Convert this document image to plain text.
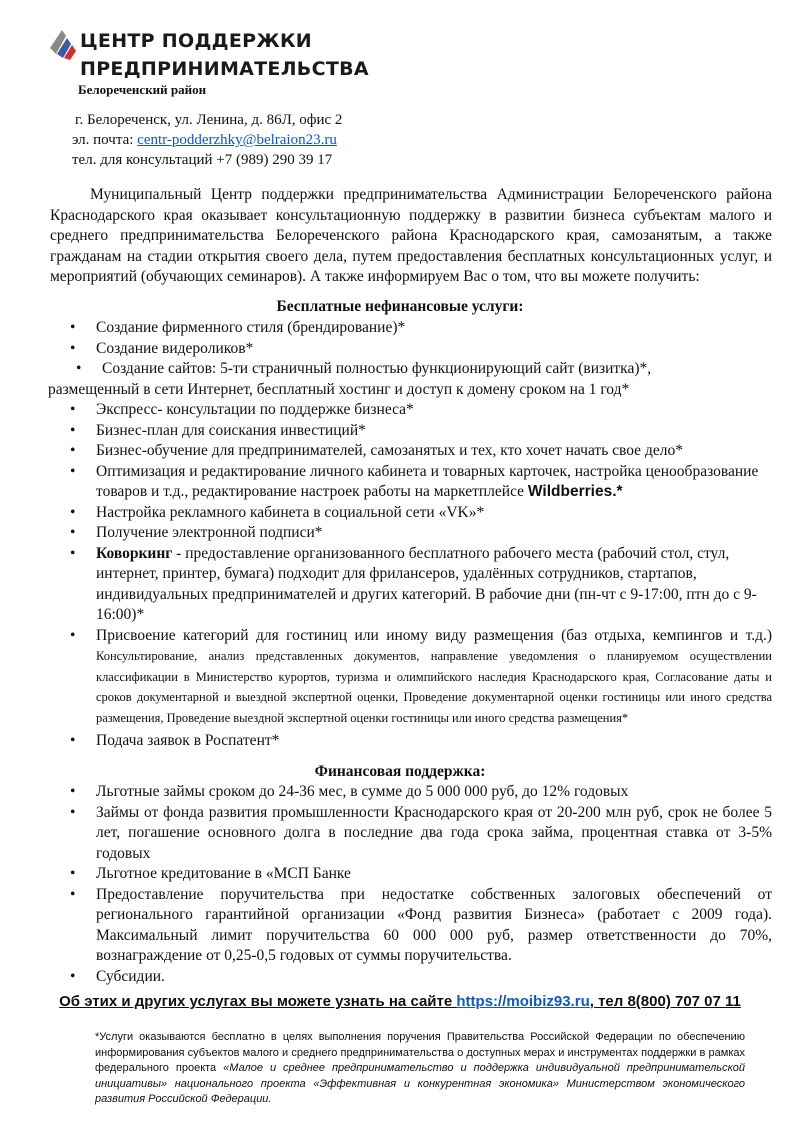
ЦЕНТР ПОДДЕРЖКИ
ПРЕДПРИНИМАТЕЛЬСТВА
Белореченский район
г. Белореченск, ул. Ленина, д. 86Л, офис 2
эл. почта: centr-podderzhky@belraion23.ru
тел. для консультаций +7 (989) 290 39 17
Муниципальный Центр поддержки предпринимательства Администрации Белореченского района Краснодарского края оказывает консультационную поддержку в развитии бизнеса субъектам малого и среднего предпринимательства Белореченского района Краснодарского края, самозанятым, а также гражданам на стадии открытия своего дела, путем предоставления бесплатных консультационных услуг, и мероприятий (обучающих семинаров). А также информируем Вас о том, что вы можете получить:
Бесплатные нефинансовые услуги:
• Создание фирменного стиля (брендирование)*
• Создание видероликов*
• Создание сайтов: 5-ти страничный полностью функционирующий сайт (визитка)*,
размещенный в сети Интернет, бесплатный хостинг и доступ к домену сроком на 1 год*
• Экспресс- консультации по поддержке бизнеса*
• Бизнес-план для соискания инвестиций*
• Бизнес-обучение для предпринимателей, самозанятых и тех, кто хочет начать свое дело*
• Оптимизация и редактирование личного кабинета и товарных карточек, настройка ценообразование товаров и т.д., редактирование настроек работы на маркетплейсе Wildberries.*
• Настройка рекламного кабинета в социальной сети «VK»*
• Получение электронной подписи*
• Коворкинг - предоставление организованного бесплатного рабочего места (рабочий стол, стул, интернет, принтер, бумага) подходит для фрилансеров, удалённых сотрудников, стартапов, индивидуальных предпринимателей и других категорий. В рабочие дни (пн-чт с 9-17:00, птн до с 9-16:00)*
• Присвоение категорий для гостиниц или иному виду размещения (баз отдыха, кемпингов и т.д.) Консультирование, анализ представленных документов, направление уведомления о планируемом осуществлении классификации в Министерство курортов, туризма и олимпийского наследия Краснодарского края, Согласование даты и сроков документарной и выездной экспертной оценки, Проведение документарной оценки гостиницы или иного средства размещения, Проведение выездной экспертной оценки гостиницы или иного средства размещения*
• Подача заявок в Роспатент*
Финансовая поддержка:
• Льготные займы сроком до 24-36 мес, в сумме до 5 000 000 руб, до 12% годовых
• Займы от фонда развития промышленности Краснодарского края от 20-200 млн руб, срок не более 5 лет, погашение основного долга в последние два года срока займа, процентная ставка от 3-5% годовых
• Льготное кредитование в «МСП Банке
• Предоставление поручительства при недостатке собственных залоговых обеспечений от регионального гарантийной организации «Фонд развития Бизнеса» (работает с 2009 года). Максимальный лимит поручительства 60 000 000 руб, размер ответственности до 70%, вознаграждение от 0,25-0,5 годовых от суммы поручительства.
• Субсидии.
Об этих и других услугах вы можете узнать на сайте https://moibiz93.ru, тел 8(800) 707 07 11
*Услуги оказываются бесплатно в целях выполнения поручения Правительства Российской Федерации по обеспечению информирования субъектов малого и среднего предпринимательства о доступных мерах и инструментах поддержки в рамках федерального проекта «Малое и среднее предпринимательство и поддержка индивидуальной предпринимательской инициативы» национального проекта «Эффективная и конкурентная экономика» Министерством экономического развития Российской Федерации.
